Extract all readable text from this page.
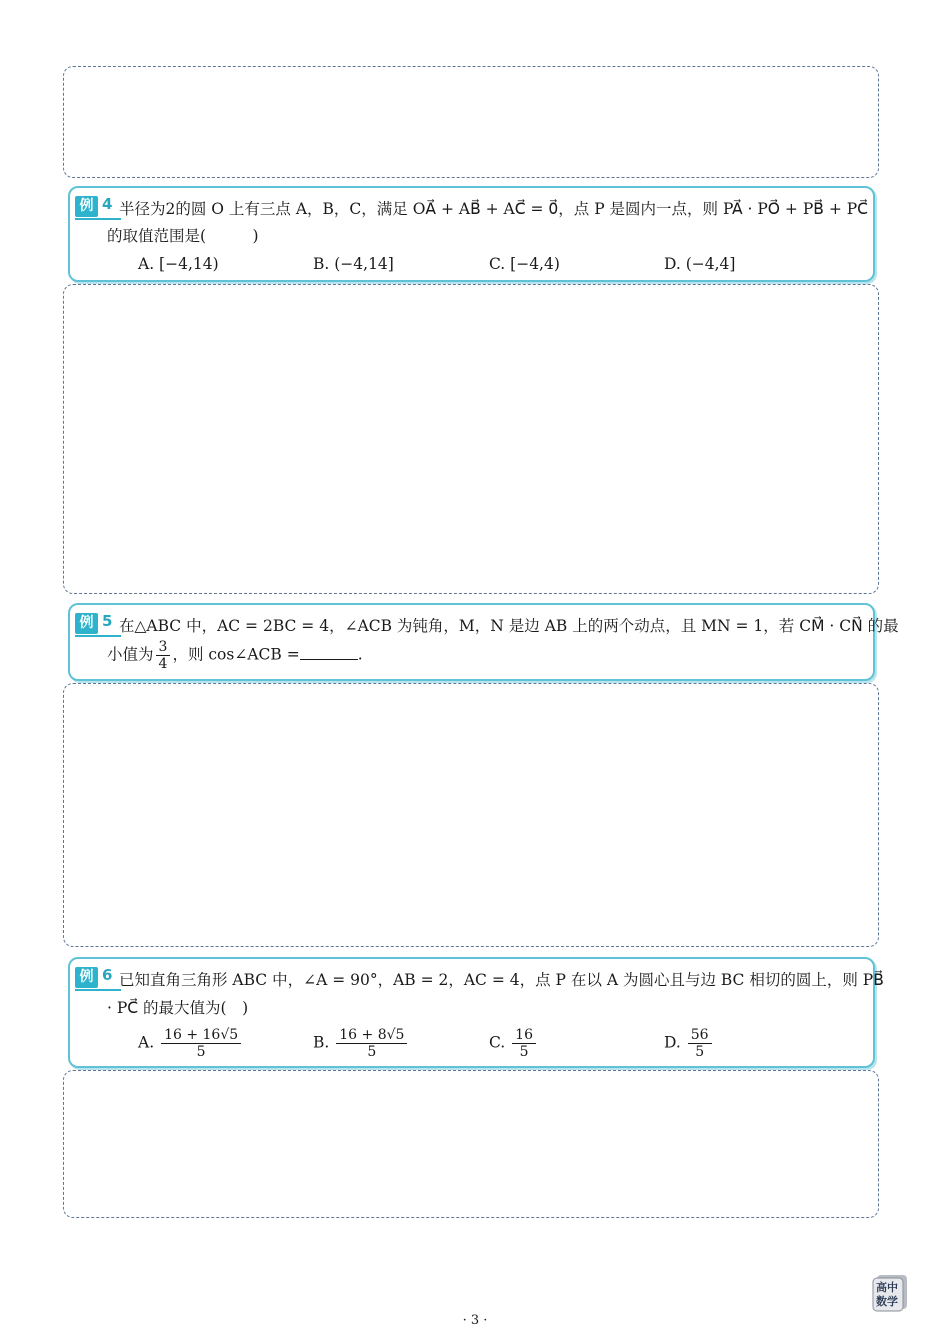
例 4 半径为2的圆 O 上有三点 A，B，C，满足 OA⃗ + AB⃗ + AC⃗ = 0⃗，点 P 是圆内一点，则 PA⃗ · PO⃗ + PB⃗ + PC⃗
的取值范围是(　　　)
A. [−4,14)	B. (−4,14]	C. [−4,4)	D. (−4,4]
例 5 在△ABC 中，AC = 2BC = 4，∠ACB 为钝角，M，N 是边 AB 上的两个动点，且 MN = 1，若 CM⃗ · CN⃗ 的最
小值为 $\frac{3}{4}$ ，则 cos∠ACB =	.
例 6 已知直角三角形 ABC 中，∠A = 90°，AB = 2，AC = 4，点 P 在以 A 为圆心且与边 BC 相切的圆上，则 PB⃗
· PC⃗ 的最大值为(　)
A. $\frac{16 + 16√5}{5}$	B. $\frac{16 + 8√5}{5}$	C. $\frac{16}{5}$	D. $\frac{56}{5}$
· 3 ·
高中
数学
